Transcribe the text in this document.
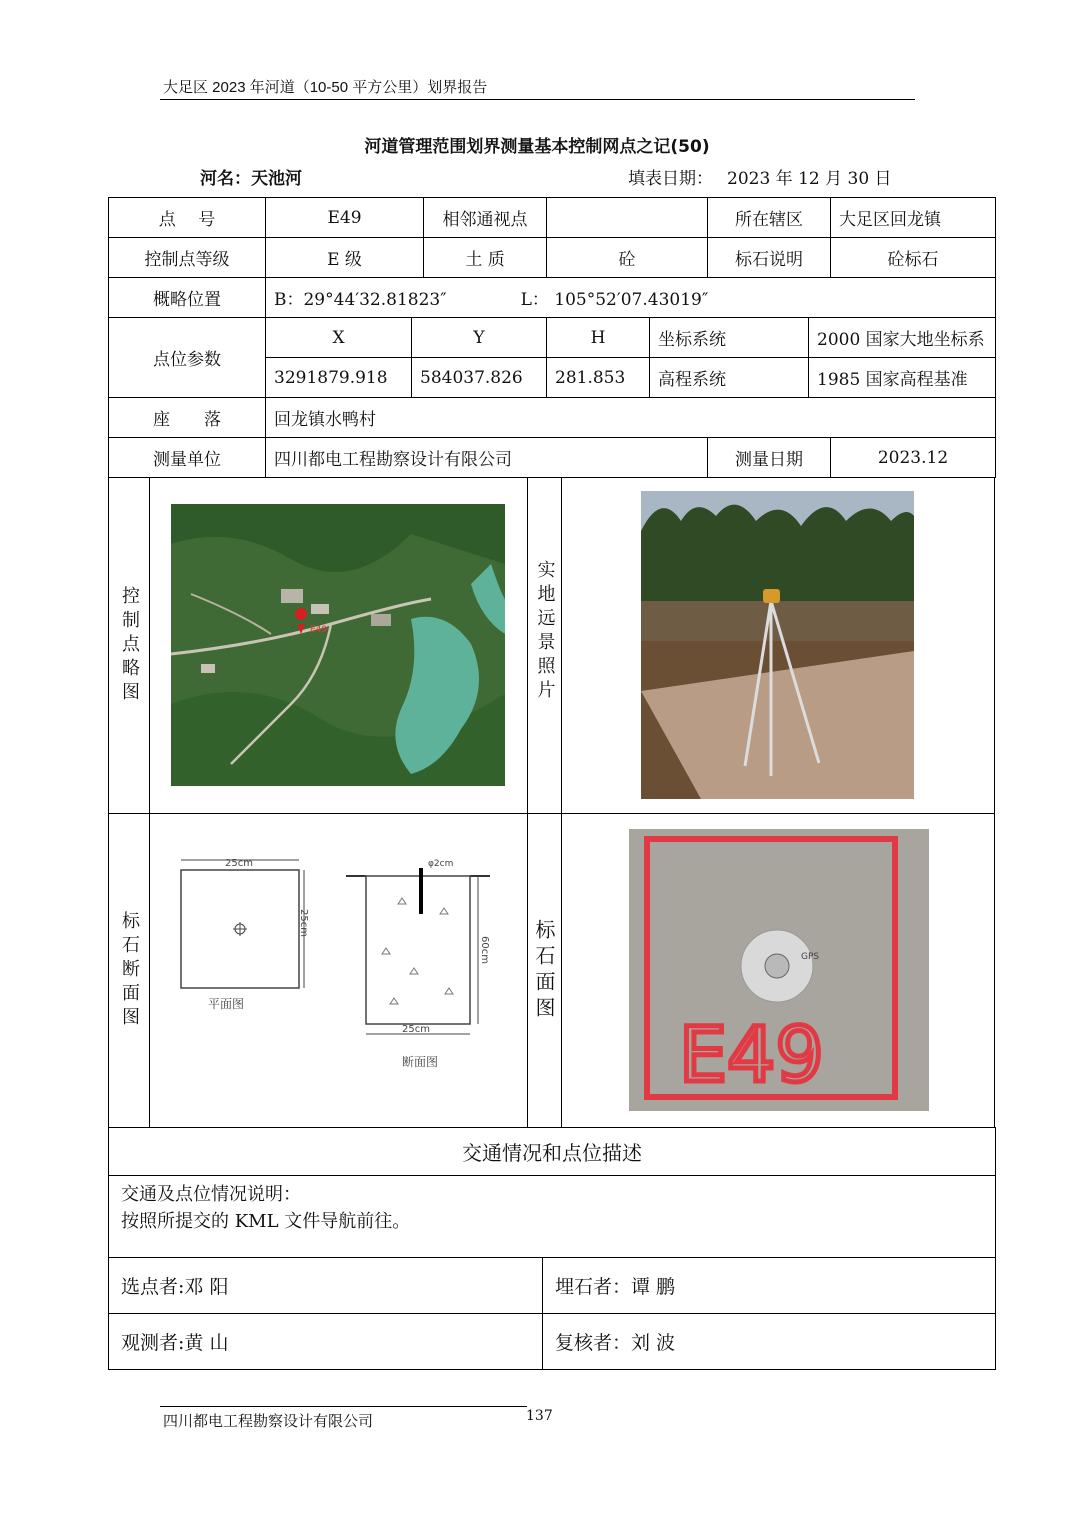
大足区 2023 年河道（10-50 平方公里）划界报告
河道管理范围划界测量基本控制网点之记(50)
河名：天池河	填表日期： 2023 年 12 月 30 日
点　 号	E49		相邻通视点			所在辖区		大足区回龙镇
控制点等级	E 级		土 质	砼		标石说明		砼标石
概略位置	B：29°44′32.81823″ L： 105°52′07.43019″							
点位参数	X	Y		H	坐标系统		2000 国家大地坐标系	
	3291879.918	584037.826		281.853	高程系统		1985 国家高程基准	
座　　落	回龙镇水鸭村							
测量单位	四川都电工程勘察设计有限公司					测量日期		2023.12
控制点略图	E49	实地远景照片
标石断面图
25cm
25cm
平面图
φ2cm
60cm
25cm
断面图
标石面图	GPS
E49
交通情况和点位描述	

交通及点位情况说明：
按照所提交的 KML 文件导航前往。	

选点者:邓 阳	埋石者：谭 鹏
观测者:黄 山	复核者：刘 波
四川都电工程勘察设计有限公司	137
